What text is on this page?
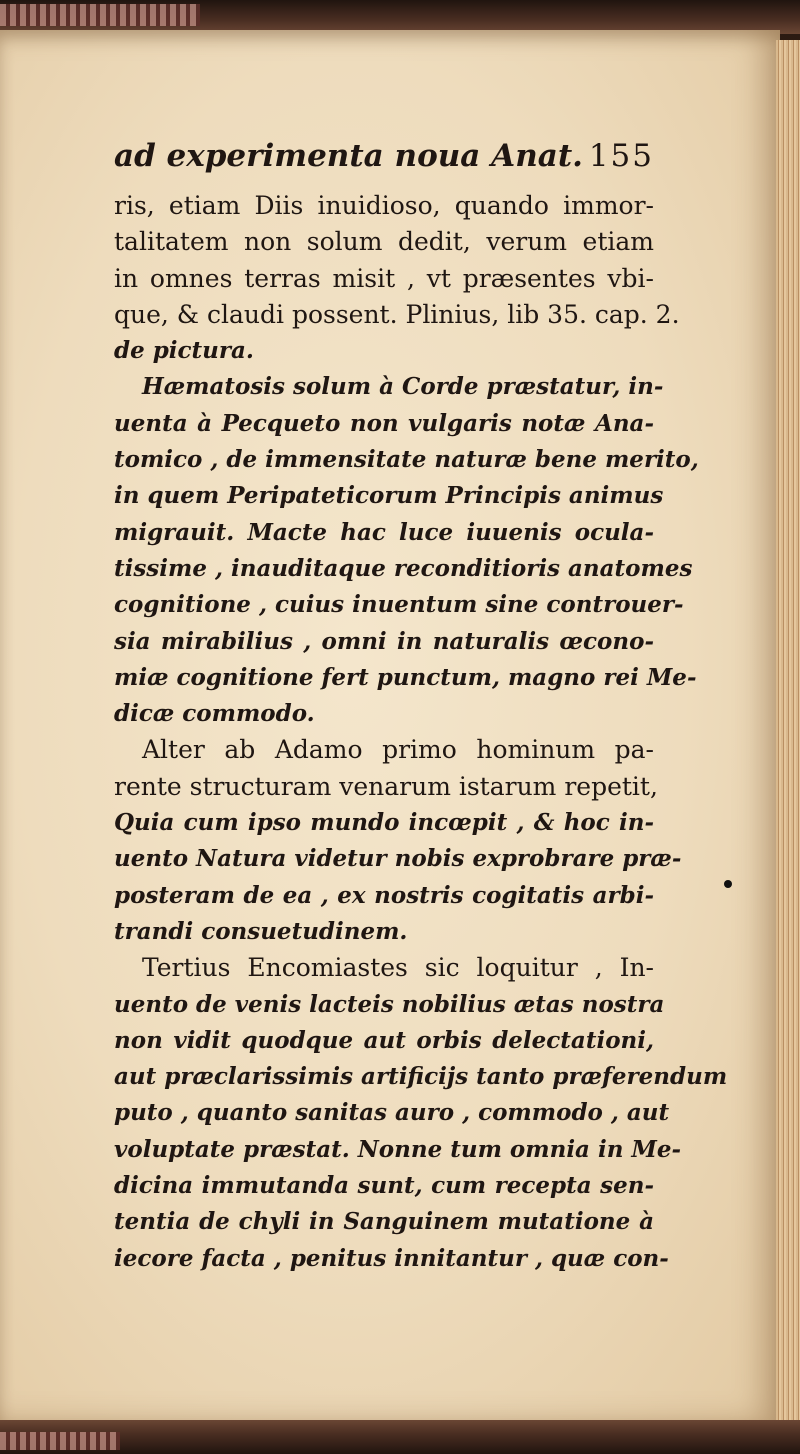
ad experimenta noua Anat. 155
ris, etiam Diis inuidioso, quando immor-
talitatem non solum dedit, verum etiam
in omnes terras misit , vt præsentes vbi-
que, & claudi possent. Plinius, lib 35. cap. 2.
de pictura.
Hæmatosis solum à Corde præstatur, in-
uenta à Pecqueto non vulgaris notæ Ana-
tomico , de immensitate naturæ bene merito,
in quem Peripateticorum Principis animus
migrauit. Macte hac luce iuuenis ocula-
tissime , inauditaque reconditioris anatomes
cognitione , cuius inuentum sine controuer-
sia mirabilius , omni in naturalis œcono-
miæ cognitione fert punctum, magno rei Me-
dicæ commodo.
Alter ab Adamo primo hominum pa-
rente structuram venarum istarum repetit,
Quia cum ipso mundo incœpit , & hoc in-
uento Natura videtur nobis exprobrare præ-
posteram de ea , ex nostris cogitatis arbi-
trandi consuetudinem.
Tertius Encomiastes sic loquitur , In-
uento de venis lacteis nobilius ætas nostra
non vidit quodque aut orbis delectationi,
aut præclarissimis artificijs tanto præferendum
puto , quanto sanitas auro , commodo , aut
voluptate præstat. Nonne tum omnia in Me-
dicina immutanda sunt, cum recepta sen-
tentia de chyli in Sanguinem mutatione à
iecore facta , penitus innitantur , quæ con-
